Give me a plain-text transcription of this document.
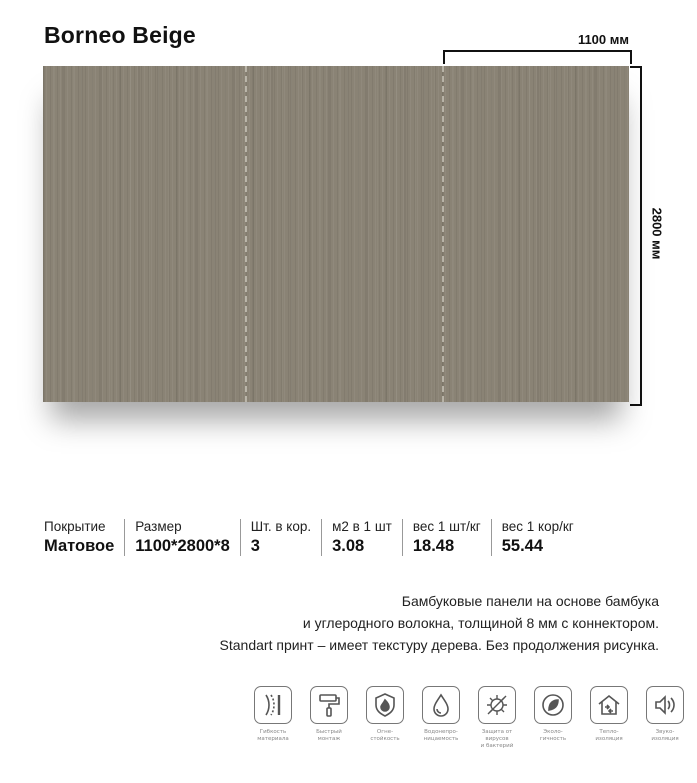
Borneo Beige	1100 мм
2800 мм
Покрытие
Матовое
Размер
1100*2800*8
Шт. в кор.
3
м2 в 1 шт
3.08
вес 1 шт/кг
18.48
вес 1 кор/кг
55.44
Бамбуковые панели на основе бамбука
и углеродного волокна, толщиной 8 мм с коннектором.
Standart принт – имеет текстуру дерева. Без продолжения рисунка.
Гибкость
материала
Быстрый
монтаж
Огне-
стойкость
Водонепро-
ницаемость
Защита от
вирусов
и бактерий
Эколо-
гичность
Тепло-
изоляция
Звуко-
изоляция
